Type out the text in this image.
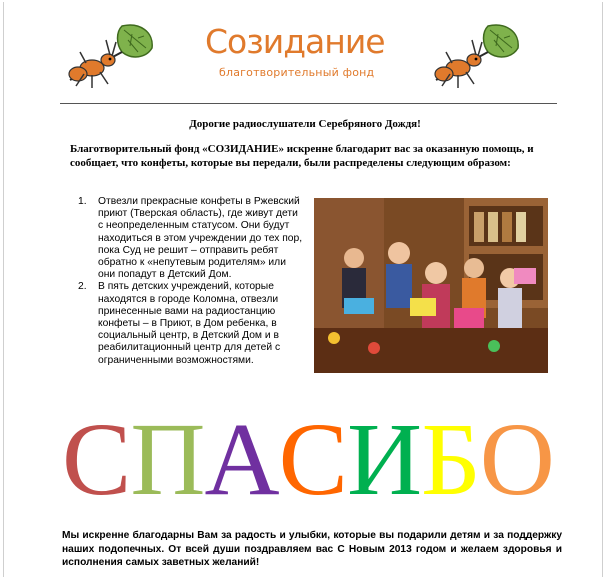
Созидание
благотворительный фонд
Дорогие радиослушатели Серебряного Дождя!
Благотворительный фонд «СОЗИДАНИЕ» искренне благодарит вас за оказанную помощь, и сообщает, что конфеты, которые вы передали, были распределены следующим образом:
1. Отвезли прекрасные конфеты в Ржевский приют (Тверская область), где живут дети с неопределенным статусом. Они будут находиться в этом учреждении до тех пор, пока Суд не решит – отправить ребят обратно к «непутевым родителям» или они попадут в Детский Дом.
2. В пять детских учреждений, которые находятся в городе Коломна, отвезли принесенные вами на радиостанцию конфеты – в Приют, в Дом ребенка, в социальный центр, в Детский Дом и в реабилитационный центр для детей с ограниченными возможностями.
СПАСИБО
Мы искренне благодарны Вам за радость и улыбки, которые вы подарили детям и за поддержку наших подопечных. От всей души поздравляем вас С Новым 2013 годом и желаем здоровья и исполнения самых заветных желаний!
